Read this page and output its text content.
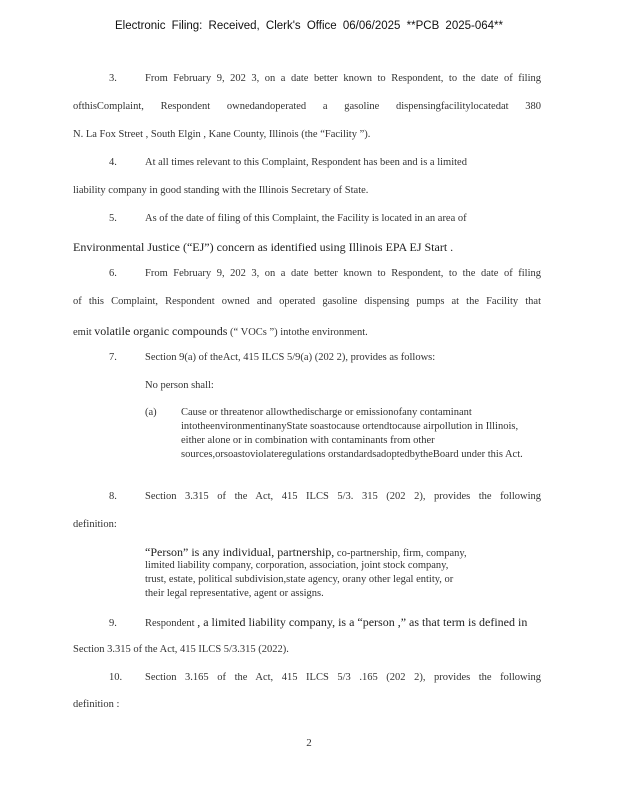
Electronic Filing: Received, Clerk's Office 06/06/2025 **PCB 2025-064**
3.	From February 9, 202 3, on a date better known to Respondent, to the date of filing
ofthisComplaint, Respondent ownedandoperated a gasoline dispensingfacilitylocatedat 380
N. La Fox Street , South Elgin , Kane County, Illinois (the “Facility ”).
4.	At all times relevant to this Complaint, Respondent has been and is a limited
liability company in good standing with the Illinois Secretary of State.
5.	As of the date of filing of this Complaint, the Facility is located in an area of
Environmental Justice (“EJ”) concern as identified using Illinois EPA EJ Start .
6.	From February 9, 202 3, on a date better known to Respondent, to the date of filing
of this Complaint, Respondent owned and operated gasoline dispensing pumps at the Facility that
emit volatile organic compounds (“ VOCs ”) intothe environment.
7.	Section 9(a) of theAct, 415 ILCS 5/9(a) (202 2), provides as follows:
No person shall:
(a)	Cause or threatenor allowthedischarge or emissionofany contaminant intotheenvironmentinanyState soastocause ortendtocause airpollution in Illinois, either alone or in combination with contaminants from other sources,orsoastoviolateregulations orstandardsadoptedbytheBoard under this Act.
8.	Section 3.315 of the Act, 415 ILCS 5/3. 315 (202 2), provides the following
definition:
“Person” is any individual, partnership, co-partnership, firm, company,
limited liability company, corporation, association, joint stock company,
trust, estate, political subdivision,state agency, orany other legal entity, or
their legal representative, agent or assigns.
9.	Respondent , a limited liability company, is a “person ,” as that term is defined in
Section 3.315 of the Act, 415 ILCS 5/3.315 (2022).
10. Section 3.165 of the Act, 415 ILCS 5/3 .165 (202 2), provides the following
definition :
2
